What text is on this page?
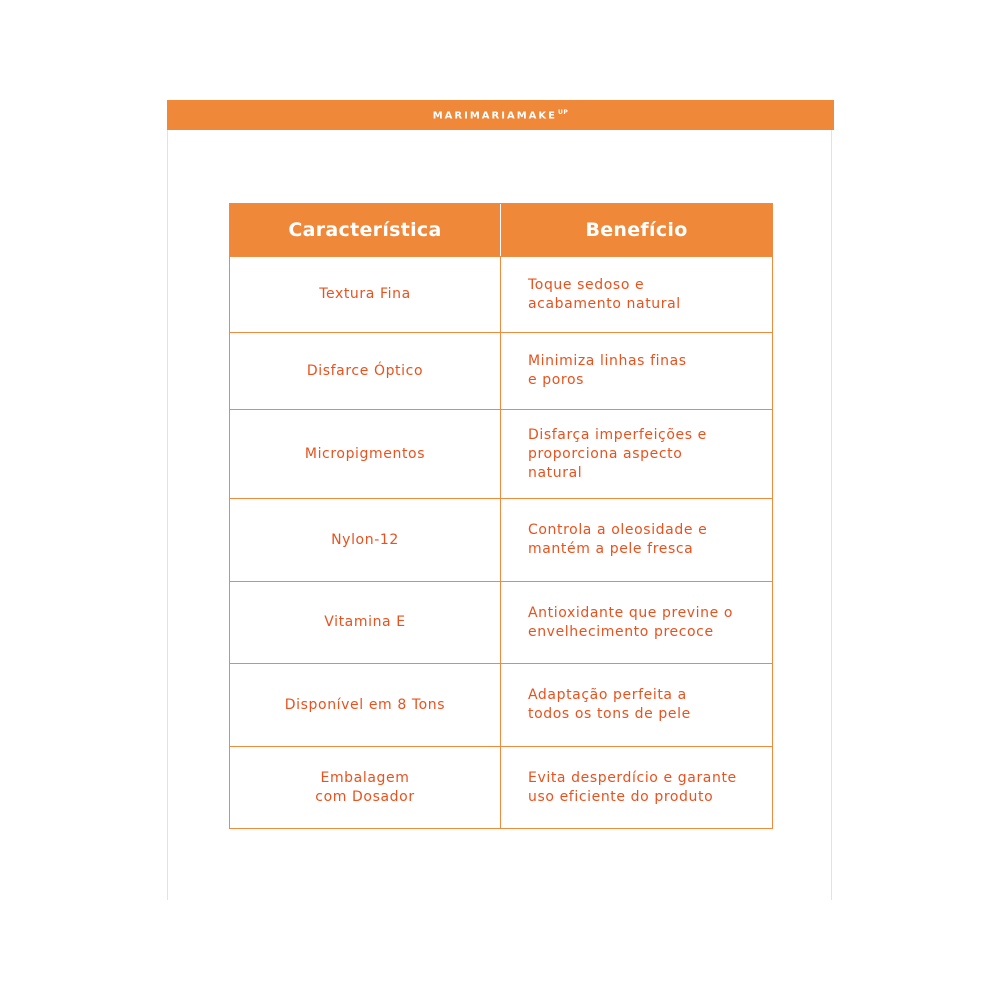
$MARIMARIAMAKE^{UP}$
Característica	Benefício
Textura Fina
Toque sedoso e
acabamento natural
Disfarce Óptico
Minimiza linhas finas
e poros
Micropigmentos
Disfarça imperfeições e
proporciona aspecto
natural
Nylon-12
Controla a oleosidade e
mantém a pele fresca
Vitamina E
Antioxidante que previne o
envelhecimento precoce
Disponível em 8 Tons
Adaptação perfeita a
todos os tons de pele
Embalagem
com Dosador
Evita desperdício e garante
uso eficiente do produto
